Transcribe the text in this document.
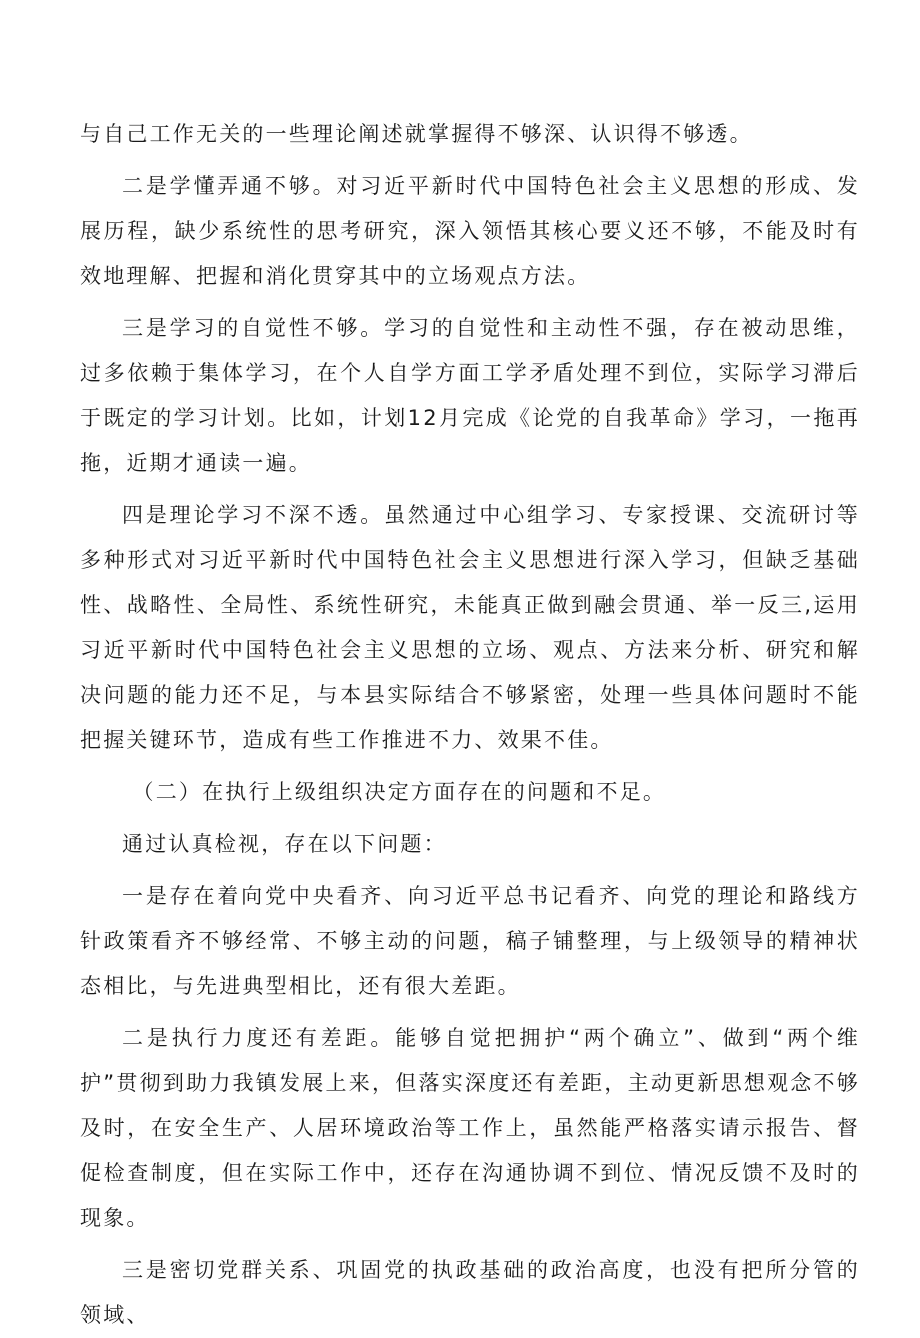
与自己工作无关的一些理论阐述就掌握得不够深、认识得不够透。

二是学懂弄通不够。对习近平新时代中国特色社会主义思想的形成、发展历程，缺少系统性的思考研究，深入领悟其核心要义还不够，不能及时有效地理解、把握和消化贯穿其中的立场观点方法。

三是学习的自觉性不够。学习的自觉性和主动性不强，存在被动思维，过多依赖于集体学习，在个人自学方面工学矛盾处理不到位，实际学习滞后于既定的学习计划。比如，计划12月完成《论党的自我革命》学习，一拖再拖，近期才通读一遍。

四是理论学习不深不透。虽然通过中心组学习、专家授课、交流研讨等多种形式对习近平新时代中国特色社会主义思想进行深入学习，但缺乏基础性、战略性、全局性、系统性研究，未能真正做到融会贯通、举一反三,运用习近平新时代中国特色社会主义思想的立场、观点、方法来分析、研究和解决问题的能力还不足，与本县实际结合不够紧密，处理一些具体问题时不能把握关键环节，造成有些工作推进不力、效果不佳。

（二）在执行上级组织决定方面存在的问题和不足。

通过认真检视，存在以下问题：

一是存在着向党中央看齐、向习近平总书记看齐、向党的理论和路线方针政策看齐不够经常、不够主动的问题，稿子铺整理，与上级领导的精神状态相比，与先进典型相比，还有很大差距。

二是执行力度还有差距。能够自觉把拥护“两个确立”、做到“两个维护”贯彻到助力我镇发展上来，但落实深度还有差距，主动更新思想观念不够及时，在安全生产、人居环境政治等工作上，虽然能严格落实请示报告、督促检查制度，但在实际工作中，还存在沟通协调不到位、情况反馈不及时的现象。

三是密切党群关系、巩固党的执政基础的政治高度，也没有把所分管的领域、
